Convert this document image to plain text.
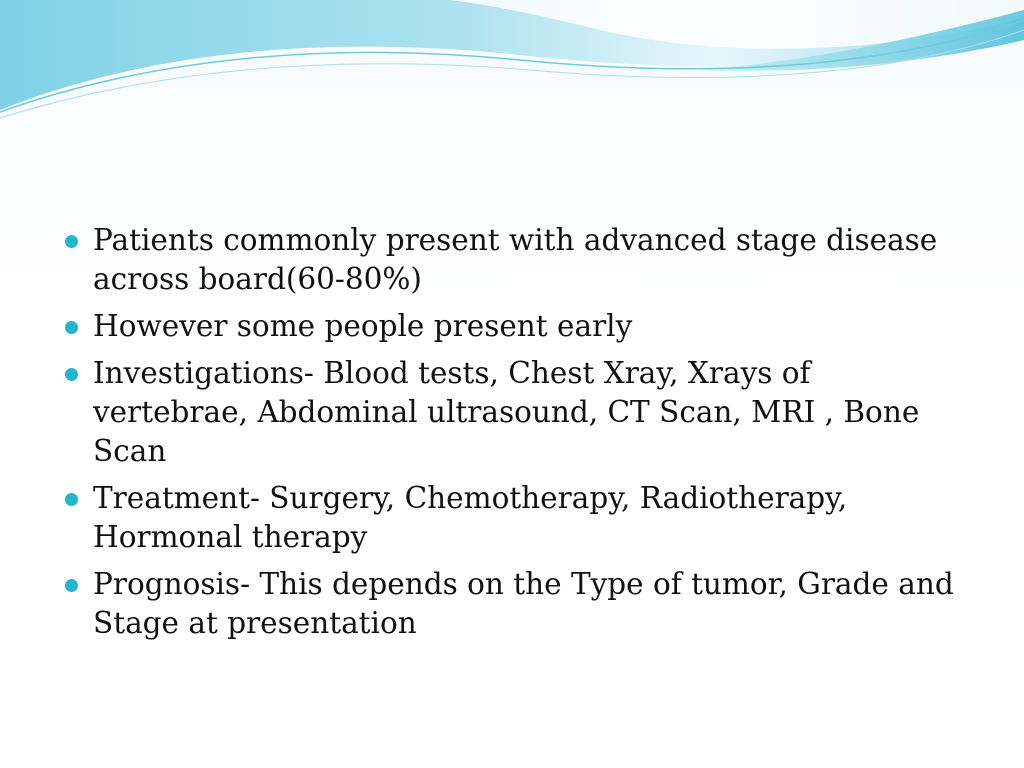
Patients commonly present with advanced stage disease across board(60-80%)
However some people present early
Investigations- Blood tests, Chest Xray, Xrays of vertebrae, Abdominal ultrasound, CT Scan, MRI , Bone Scan
Treatment- Surgery, Chemotherapy, Radiotherapy, Hormonal therapy
Prognosis- This depends on the Type of tumor, Grade and Stage at presentation
